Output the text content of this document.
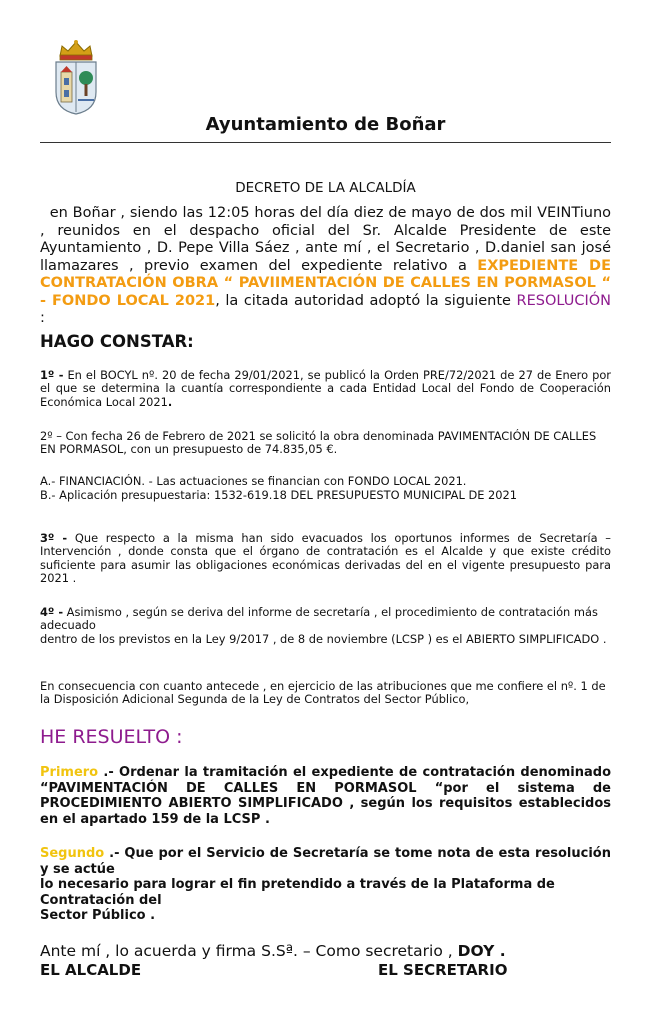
Ayuntamiento de Boñar
DECRETO DE LA ALCALDÍA
en Boñar , siendo las 12:05 horas del día diez de mayo de dos mil VEINTiuno , reunidos en el despacho oficial del Sr. Alcalde Presidente de este Ayuntamiento , D. Pepe Villa Sáez , ante mí , el Secretario , D.daniel san josé llamazares , previo examen del expediente relativo a EXPEDIENTE DE CONTRATACIÓN OBRA “ PAVIIMENTACIÓN DE CALLES EN PORMASOL “ - FONDO LOCAL 2021, la citada autoridad adoptó la siguiente RESOLUCIÓN :
HAGO CONSTAR:
1º - En el BOCYL nº. 20 de fecha 29/01/2021, se publicó la Orden PRE/72/2021 de 27 de Enero por el que se determina la cuantía correspondiente a cada Entidad Local del Fondo de Cooperación Económica Local 2021.
2º – Con fecha 26 de Febrero de 2021 se solicitó la obra denominada PAVIMENTACIÓN DE CALLES EN PORMASOL, con un presupuesto de 74.835,05 €.
A.- FINANCIACIÓN. - Las actuaciones se financian con FONDO LOCAL 2021.
B.- Aplicación presupuestaria: 1532-619.18 DEL PRESUPUESTO MUNICIPAL DE 2021
3º - Que respecto a la misma han sido evacuados los oportunos informes de Secretaría – Intervención , donde consta que el órgano de contratación es el Alcalde y que existe crédito suficiente para asumir las obligaciones económicas derivadas del en el vigente presupuesto para 2021 .
4º - Asimismo , según se deriva del informe de secretaría , el procedimiento de contratación más adecuado
dentro de los previstos en la Ley 9/2017 , de 8 de noviembre (LCSP ) es el ABIERTO SIMPLIFICADO .
En consecuencia con cuanto antecede , en ejercicio de las atribuciones que me confiere el nº. 1 de la Disposición Adicional Segunda de la Ley de Contratos del Sector Público,
HE RESUELTO :
Primero .- Ordenar la tramitación el expediente de contratación denominado “PAVIMENTACIÓN DE CALLES EN PORMASOL “por el sistema de PROCEDIMIENTO ABIERTO SIMPLIFICADO , según los requisitos establecidos en el apartado 159 de la LCSP .
Segundo .- Que por el Servicio de Secretaría se tome nota de esta resolución y se actúe
lo necesario para lograr el fin pretendido a través de la Plataforma de Contratación del
Sector Público .
Ante mí , lo acuerda y firma S.Sª. – Como secretario , DOY .
EL ALCALDE	EL SECRETARIO
